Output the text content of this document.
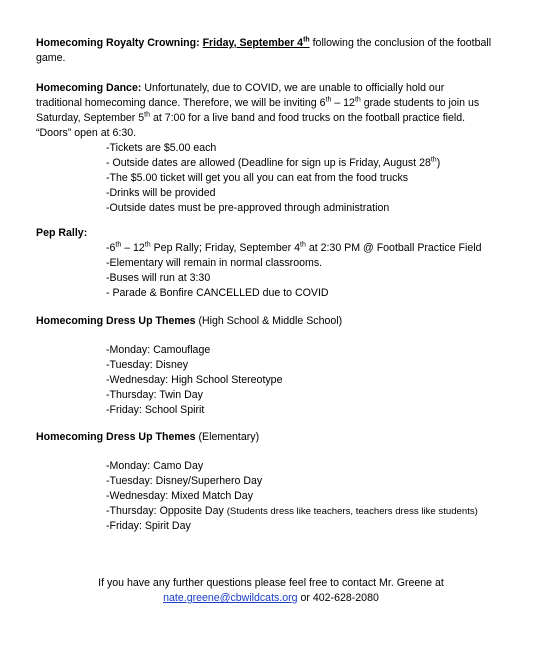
Homecoming Royalty Crowning: Friday, September 4th following the conclusion of the football
game.
Homecoming Dance: Unfortunately, due to COVID, we are unable to officially hold our
traditional homecoming dance. Therefore, we will be inviting 6th – 12th grade students to join us
Saturday, September 5th at 7:00 for a live band and food trucks on the football practice field.
“Doors” open at 6:30.
-Tickets are $5.00 each
- Outside dates are allowed (Deadline for sign up is Friday, August 28th)
-The $5.00 ticket will get you all you can eat from the food trucks
-Drinks will be provided
-Outside dates must be pre-approved through administration
Pep Rally:
-6th – 12th Pep Rally; Friday, September 4th at 2:30 PM @ Football Practice Field
-Elementary will remain in normal classrooms.
-Buses will run at 3:30
- Parade & Bonfire CANCELLED due to COVID
Homecoming Dress Up Themes (High School & Middle School)
-Monday: Camouflage
-Tuesday: Disney
-Wednesday: High School Stereotype
-Thursday: Twin Day
-Friday: School Spirit
Homecoming Dress Up Themes (Elementary)
-Monday: Camo Day
-Tuesday: Disney/Superhero Day
-Wednesday: Mixed Match Day
-Thursday: Opposite Day (Students dress like teachers, teachers dress like students)
-Friday: Spirit Day
If you have any further questions please feel free to contact Mr. Greene at
nate.greene@cbwildcats.org or 402-628-2080
